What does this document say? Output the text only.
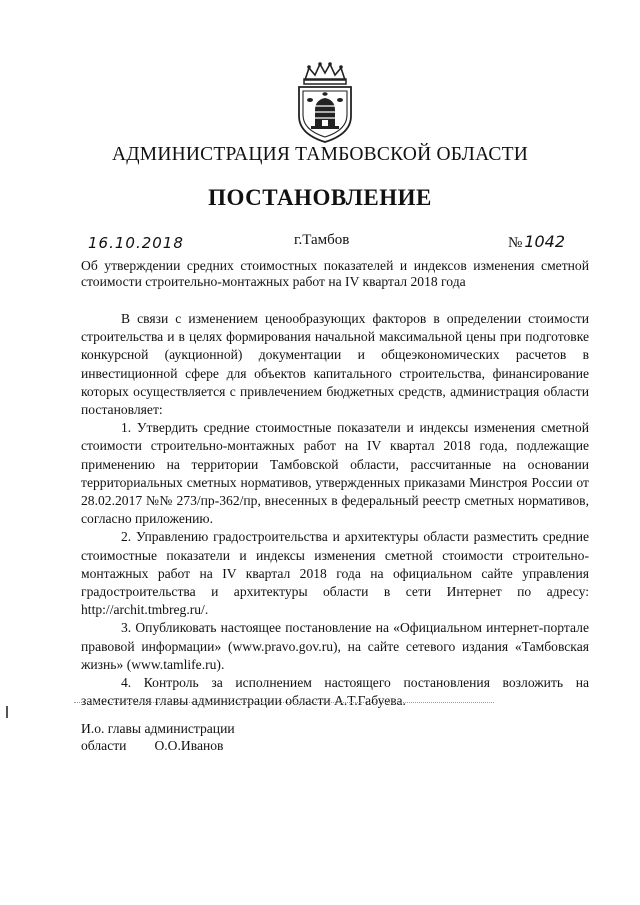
АДМИНИСТРАЦИЯ ТАМБОВСКОЙ ОБЛАСТИ
ПОСТАНОВЛЕНИЕ
16.10.2018	г.Тамбов	№ 1042
Об утверждении средних стоимостных показателей и индексов изменения сметной стоимости строительно-монтажных работ на IV квартал 2018 года

В связи с изменением ценообразующих факторов в определении стоимости строительства и в целях формирования начальной максимальной цены при подготовке конкурсной (аукционной) документации и общеэкономических расчетов в инвестиционной сфере для объектов капитального строительства, финансирование которых осуществляется с привлечением бюджетных средств, администрация области постановляет:

1. Утвердить средние стоимостные показатели и индексы изменения сметной стоимости строительно-монтажных работ на IV квартал 2018 года, подлежащие применению на территории Тамбовской области, рассчитанные на основании территориальных сметных нормативов, утвержденных приказами Минстроя России от 28.02.2017 №№ 273/пр-362/пр, внесенных в федеральный реестр сметных нормативов, согласно приложению.

2. Управлению градостроительства и архитектуры области разместить средние стоимостные показатели и индексы изменения сметной стоимости строительно-монтажных работ на IV квартал 2018 года на официальном сайте управления градостроительства и архитектуры области в сети Интернет по адресу: http://archit.tmbreg.ru/.

3. Опубликовать настоящее постановление на «Официальном интернет-портале правовой информации» (www.pravo.gov.ru), на сайте сетевого издания «Тамбовская жизнь» (www.tamlife.ru).

4. Контроль за исполнением настоящего постановления возложить на заместителя главы администрации области А.Т.Габуева.

И.о. главы администрации
области О.О.Иванов
